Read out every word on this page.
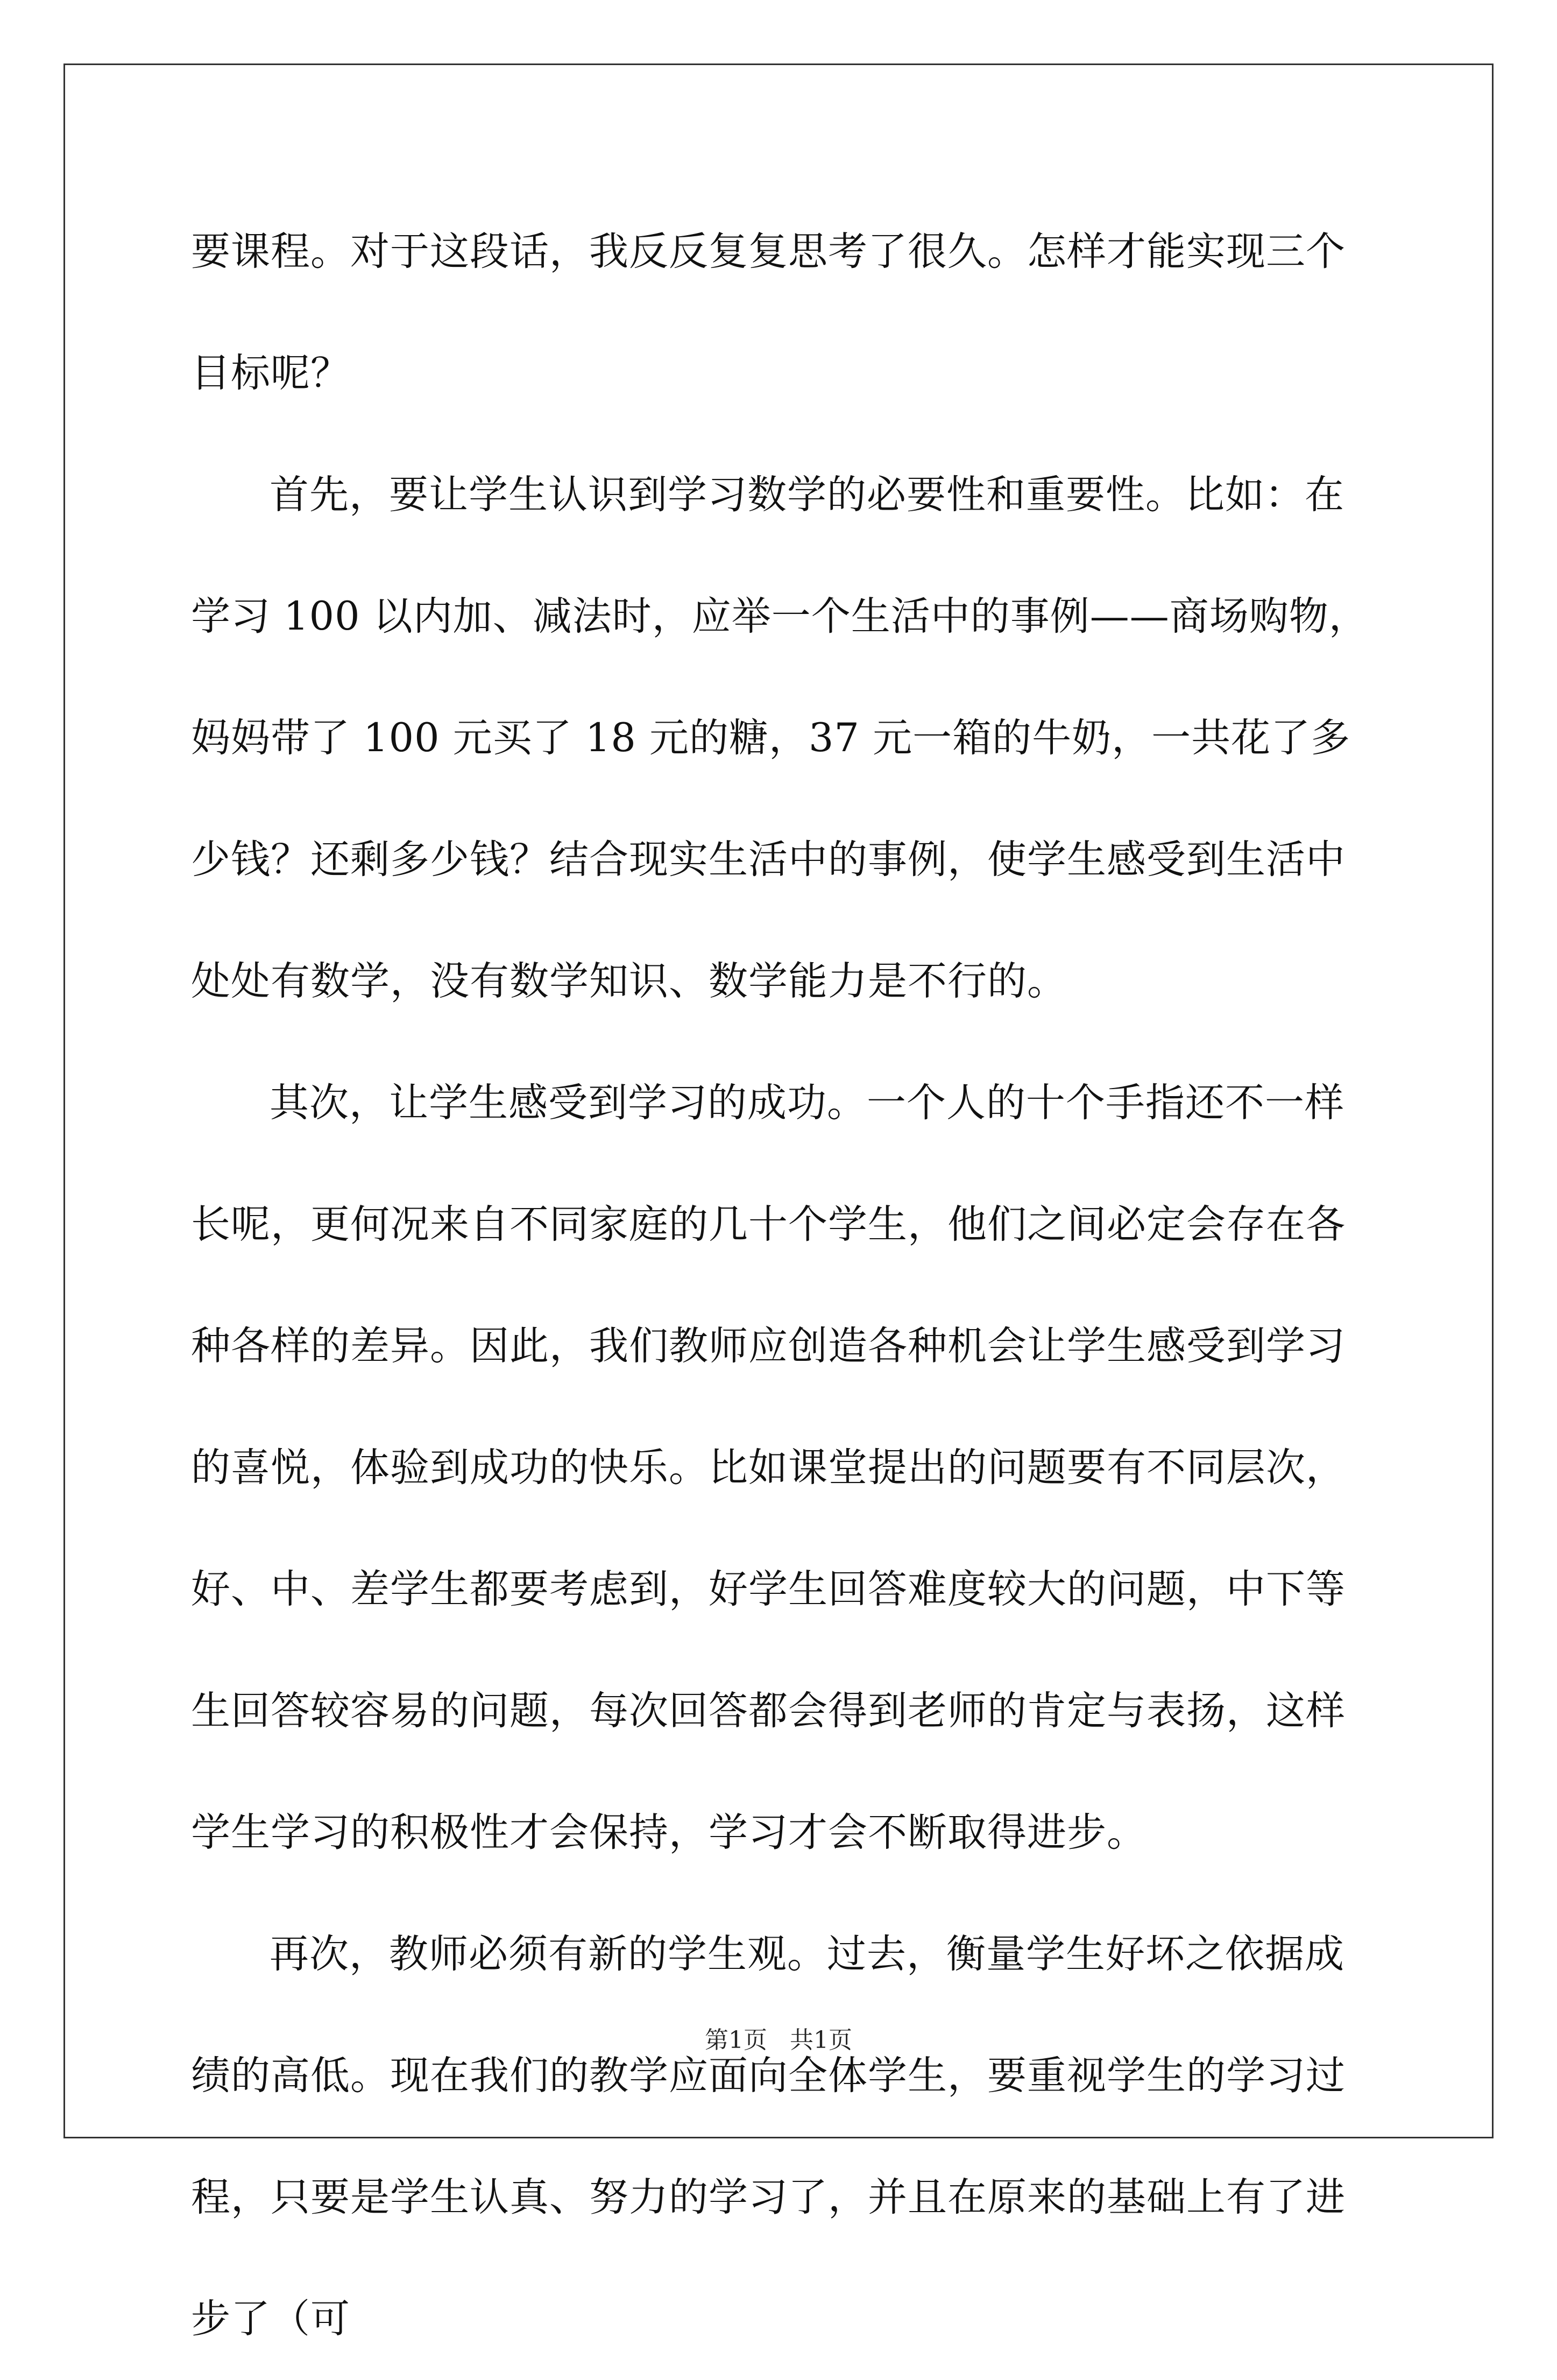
要课程。对于这段话，我反反复复思考了很久。怎样才能实现三个目标呢？

首先，要让学生认识到学习数学的必要性和重要性。比如：在学习 100 以内加、减法时，应举一个生活中的事例——商场购物，妈妈带了 100 元买了 18 元的糖，37 元一箱的牛奶，一共花了多少钱？还剩多少钱？结合现实生活中的事例，使学生感受到生活中处处有数学，没有数学知识、数学能力是不行的。

其次，让学生感受到学习的成功。一个人的十个手指还不一样长呢，更何况来自不同家庭的几十个学生，他们之间必定会存在各种各样的差异。因此，我们教师应创造各种机会让学生感受到学习的喜悦，体验到成功的快乐。比如课堂提出的问题要有不同层次，好、中、差学生都要考虑到，好学生回答难度较大的问题，中下等生回答较容易的问题，每次回答都会得到老师的肯定与表扬，这样学生学习的积极性才会保持，学习才会不断取得进步。

再次，教师必须有新的学生观。过去，衡量学生好坏之依据成绩的高低。现在我们的教学应面向全体学生，要重视学生的学习过程，只要是学生认真、努力的学习了，并且在原来的基础上有了进步了（可

第1页 共1页
